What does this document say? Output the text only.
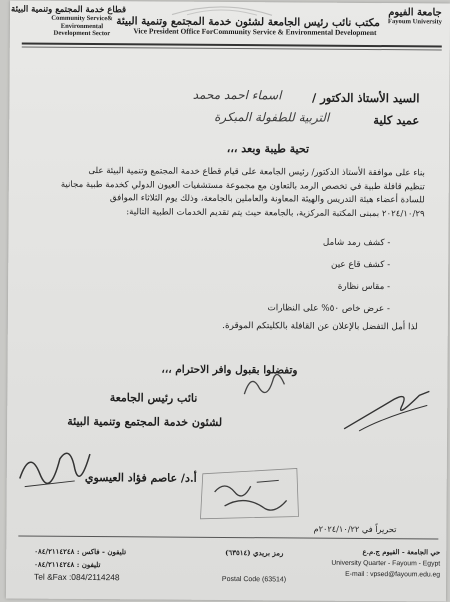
قطاع خدمة المجتمع وتنمية البيئة
Community Service& Environmental
Development Sector
مكتب نائب رئيس الجامعة لشئون خدمة المجتمع وتنمية البيئة
Vice President Office ForCommunity Service & Environmental Development
جامعة الفيوم
Fayoum University
السيد الأستاذ الدكتور /
اسماء احمد محمد
عميد كلية
التربية للطفولة المبكرة
تحية طيبة وبعد ،،،

بناء على موافقة الأستاذ الدكتور/ رئيس الجامعة على قيام قطاع خدمة المجتمع وتنمية البيئة على

تنظيم قافلة طبية في تخصص الرمد بالتعاون مع مجموعة مستشفيات العيون الدولي كخدمة طبية مجانية

للسادة أعضاء هيئة التدريس والهيئة المعاونة والعاملين بالجامعة، وذلك يوم الثلاثاء الموافق

٢٠٢٤/١٠/٢٩ بمبنى المكتبة المركزية، بالجامعة حيث يتم تقديم الخدمات الطبية التالية:

- كشف رمد شامل

- كشف قاع عين

- مقاس نظارة

- عرض خاص ٥٠% على النظارات

لذا أمل التفضل بالإعلان عن القافلة بالكليتكم الموقرة.
وتفضلوا بقبول وافر الاحترام ،،،
نائب رئيس الجامعة
لشئون خدمة المجتمع وتنمية البيئة
أ.د/ عاصم فؤاد العيسوي
تحريراً في ٢٠٢٤/١٠/٢٢م
حي الجامعة - الفيوم ج.م.ع
University Quarter - Fayoum - Egypt
E-mail : vpsed@fayoum.edu.eg
رمز بريدي (٦٣٥١٤)
Postal Code (63514)
تليفون - فاكس : ٠٨٤/٢١١٤٢٤٨
تليفون : ٠٨٤/٢١١٤٢٤٨
Tel &Fax :084/2114248
